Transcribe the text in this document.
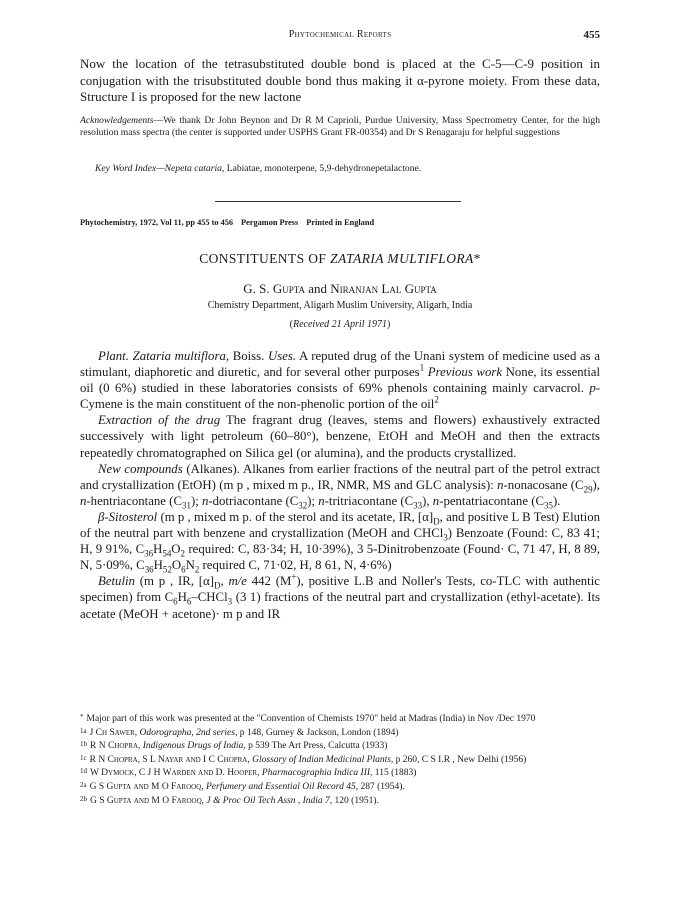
Phytochemical Reports	455
Now the location of the tetrasubstituted double bond is placed at the C-5—C-9 position in conjugation with the trisubstituted double bond thus making it α-pyrone moiety. From these data, Structure I is proposed for the new lactone
Acknowledgements—We thank Dr John Beynon and Dr R M Caprioli, Purdue University, Mass Spectrometry Center, for the high resolution mass spectra (the center is supported under USPHS Grant FR-00354) and Dr S Renagaraju for helpful suggestions
Key Word Index—Nepeta cataria, Labiatae, monoterpene, 5,9-dehydronepetalactone.
Phytochemistry, 1972, Vol 11, pp 455 to 456 Pergamon Press Printed in England
CONSTITUENTS OF ZATARIA MULTIFLORA*
G. S. Gupta and Niranjan Lal Gupta
Chemistry Department, Aligarh Muslim University, Aligarh, India
(Received 21 April 1971)

Plant. Zataria multiflora, Boiss. Uses. A reputed drug of the Unani system of medicine used as a stimulant, diaphoretic and diuretic, and for several other purposes$^1$ Previous work None, its essential oil (0 6%) studied in these laboratories consists of 69% phenols containing mainly carvacrol. p-Cymene is the main constituent of the non-phenolic portion of the oil$^2$

Extraction of the drug The fragrant drug (leaves, stems and flowers) exhaustively extracted successively with light petroleum (60–80°), benzene, EtOH and MeOH and then the extracts repeatedly chromatographed on Silica gel (or alumina), and the products crystallized.

New compounds (Alkanes). Alkanes from earlier fractions of the neutral part of the petrol extract and crystallization (EtOH) (m p , mixed m p., IR, NMR, MS and GLC analysis): n-nonacosane $(C_{29})$, n-hentriacontane $(C_{31})$; n-dotriacontane $(C_{32})$; n-tritriacontane $(C_{33})$, n-pentatriacontane $(C_{35})$.

β-Sitosterol (m p , mixed m p. of the sterol and its acetate, IR, $[\alpha]_D$, and positive L B Test) Elution of the neutral part with benzene and crystallization (MeOH and CHCl$_3$) Benzoate (Found: C, 83 41; H, 9 91%, $C_{36}H_{54}O_2$ required: C, 83·34; H, 10·39%), 3 5-Dinitrobenzoate (Found· C, 71 47, H, 8 89, N, 5·09%, $C_{36}H_{52}O_6N_2$ required C, 71·02, H, 8 61, N, 4·6%)

Betulin (m p , IR, $[\alpha]_D$, m/e 442 (M+), positive L.B and Noller's Tests, co-TLC with authentic specimen) from $C_6H_6-CHCl_3$ (3 1) fractions of the neutral part and crystallization (ethyl-acetate). Its acetate (MeOH + acetone)· m p and IR

* Major part of this work was presented at the "Convention of Chemists 1970" held at Madras (India) in Nov /Dec 1970

$^{1a}$ J Ch Sawer, Odorographa, 2nd series, p 148, Gurney & Jackson, London (1894)

$^{1b}$ R N Chopra, Indigenous Drugs of India, p 539 The Art Press, Calcutta (1933)

$^{1c}$ R N Chopra, S L Nayar and I C Chopra, Glossary of Indian Medicinal Plants, p 260, C S I.R , New Delhi (1956)

$^{1d}$ W Dymock, C J H Warden and D. Hooper, Pharmacographia Indica III, 115 (1883)

$^{2a}$ G S Gupta and M O Farooq, Perfumery and Essential Oil Record 45, 287 (1954).

$^{2b}$ G S Gupta and M O Farooq, J & Proc Oil Tech Assn , India 7, 120 (1951).
